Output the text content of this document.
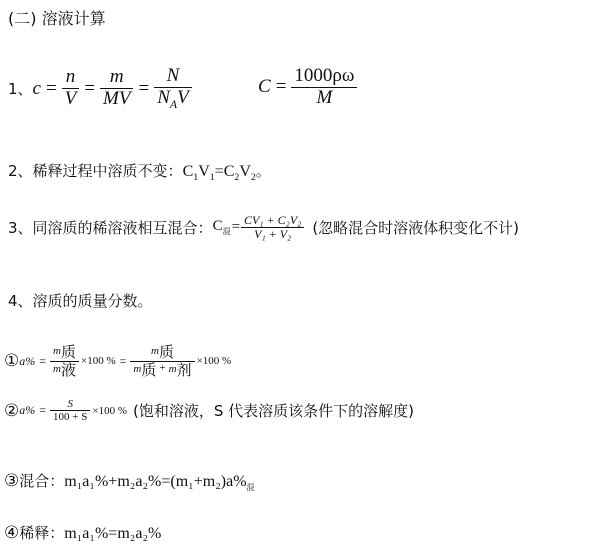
(二) 溶液计算
1、 $c = \frac{n}{V} = \frac{m}{MV} = \frac{N}{N_AV}$	$C = \frac{1000\rho\omega}{M}$
2、 稀释过程中溶质不变： $C_1V_1=C_2V_2$。
3、 同溶质的稀溶液相互混合： $C_混 = \frac{\text{CV₁ + C₂V₂}}{\text{V₁ + V₂}}$ (忽略混合时溶液体积变化不计)
4、 溶质的质量分数。
① $a\% = \frac{m_质}{m_液} \times 100$ % = $\frac{m_质}{m_质 + m_剂} \times 100$ %
② $a\% = \frac{S}{100 + S} \times 100$ % (饱和溶液，S 代表溶质该条件下的溶解度)
③ 混合： $m_1a_1\%+m_2a_2\%=(m_1+m_2)a\%_混$
④ 稀释： m₁a₁%=m₂a₂%
